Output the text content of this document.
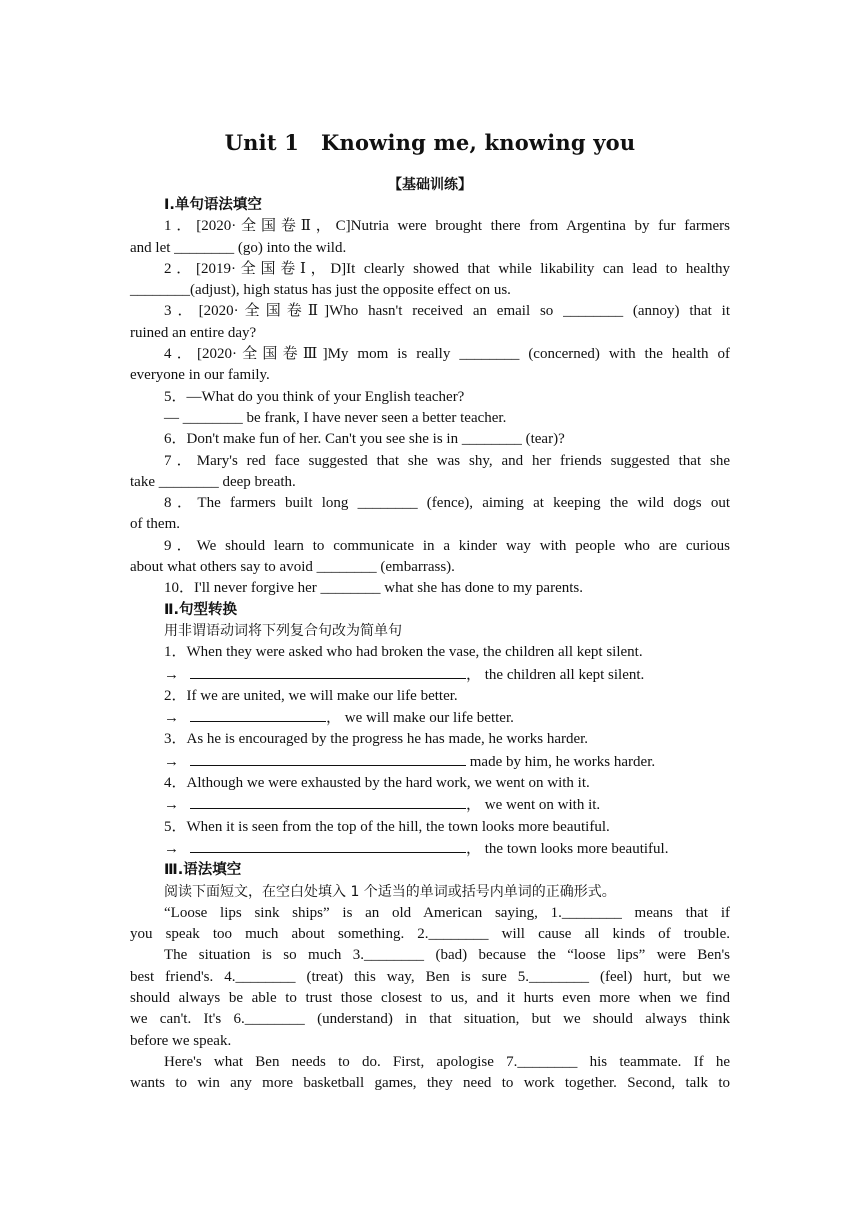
Unit 1 Knowing me, knowing you
【基础训练】
Ⅰ.单句语法填空
1．[2020·全国卷Ⅱ，C]Nutria were brought there from Argentina by fur farmers
and let ________ (go) into the wild.
2．[2019·全国卷Ⅰ，D]It clearly showed that while likability can lead to healthy
________(adjust), high status has just the opposite effect on us.
3．[2020·全国卷Ⅱ]Who hasn't received an email so ________ (annoy) that it
ruined an entire day?
4．[2020·全国卷Ⅲ]My mom is really ________ (concerned) with the health of
everyone in our family.
5．—What do you think of your English teacher?
— ________ be frank, I have never seen a better teacher.
6．Don't make fun of her. Can't you see she is in ________ (tear)?
7．Mary's red face suggested that she was shy, and her friends suggested that she
take ________ deep breath.
8．The farmers built long ________ (fence), aiming at keeping the wild dogs out
of them.
9．We should learn to communicate in a kinder way with people who are curious
about what others say to avoid ________ (embarrass).
10．I'll never forgive her ________ what she has done to my parents.
Ⅱ.句型转换
用非谓语动词将下列复合句改为简单句
1．When they were asked who had broken the vase, the children all kept silent.
→	， the children all kept silent.
2．If we are united, we will make our life better.
→	， we will make our life better.
3．As he is encouraged by the progress he has made, he works harder.
→	made by him, he works harder.
4．Although we were exhausted by the hard work, we went on with it.
→	， we went on with it.
5．When it is seen from the top of the hill, the town looks more beautiful.
→	， the town looks more beautiful.
Ⅲ.语法填空
阅读下面短文，在空白处填入 1 个适当的单词或括号内单词的正确形式。
“Loose lips sink ships” is an old American saying, 1.________ means that if
you speak too much about something. 2.________ will cause all kinds of trouble.
The situation is so much 3.________ (bad) because the “loose lips” were Ben's
best friend's. 4.________ (treat) this way, Ben is sure 5.________ (feel) hurt, but we
should always be able to trust those closest to us, and it hurts even more when we find
we can't. It's 6.________ (understand) in that situation, but we should always think
before we speak.
Here's what Ben needs to do. First, apologise 7.________ his teammate. If he
wants to win any more basketball games, they need to work together. Second, talk to
